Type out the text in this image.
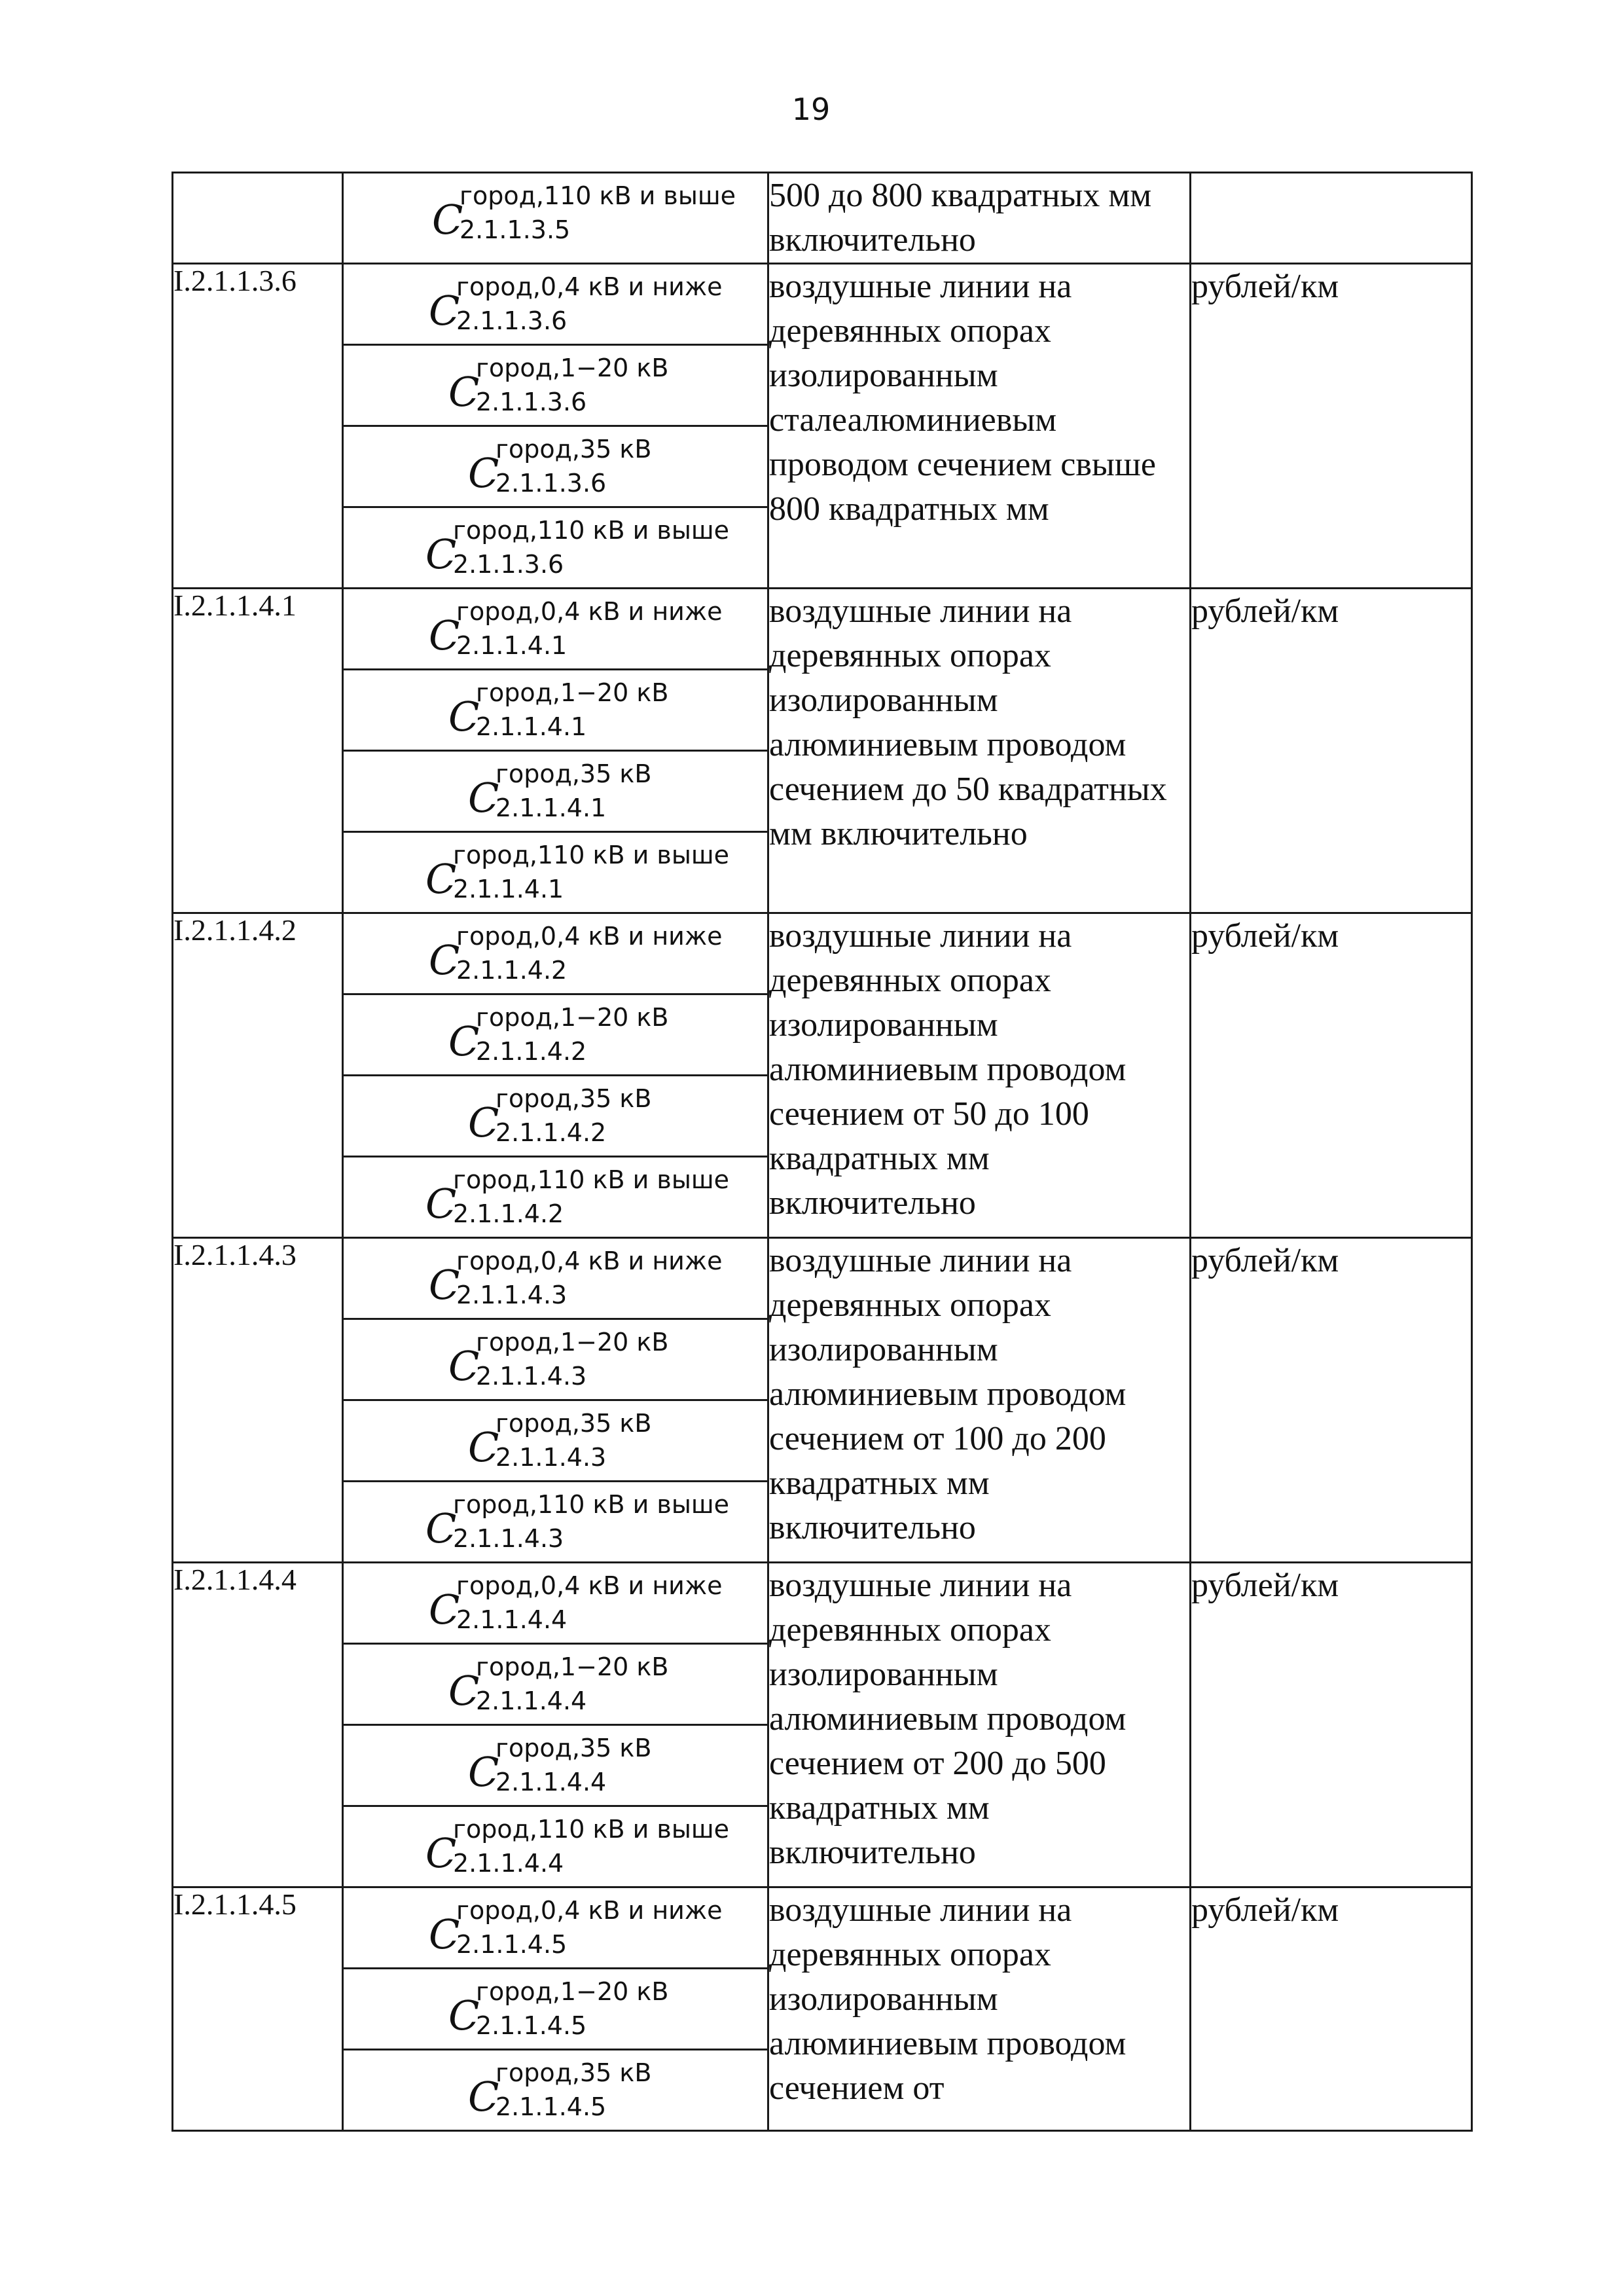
19

	C
город,110 кВ и выше
2.1.1.3.5	500 до 800 квадратных мм включительно	
I.2.1.1.3.6	C
город,0,4 кВ и ниже
2.1.1.3.6	воздушные линии на деревянных опорах изолированным сталеалюминиевым проводом сечением свыше 800 квадратных мм	рублей/км

	C
город,1−20 кВ
2.1.1.3.6		

	C
город,35 кВ
2.1.1.3.6		

	C
город,110 кВ и выше
2.1.1.3.6		

I.2.1.1.4.1	C
город,0,4 кВ и ниже
2.1.1.4.1	воздушные линии на деревянных опорах изолированным алюминиевым проводом сечением до 50 квадратных мм включительно	рублей/км

	C
город,1−20 кВ
2.1.1.4.1		

	C
город,35 кВ
2.1.1.4.1		

	C
город,110 кВ и выше
2.1.1.4.1		

I.2.1.1.4.2	C
город,0,4 кВ и ниже
2.1.1.4.2	воздушные линии на деревянных опорах изолированным алюминиевым проводом сечением от 50 до 100 квадратных мм включительно	рублей/км

	C
город,1−20 кВ
2.1.1.4.2		

	C
город,35 кВ
2.1.1.4.2		

	C
город,110 кВ и выше
2.1.1.4.2		

I.2.1.1.4.3	C
город,0,4 кВ и ниже
2.1.1.4.3	воздушные линии на деревянных опорах изолированным алюминиевым проводом сечением от 100 до 200 квадратных мм включительно	рублей/км

	C
город,1−20 кВ
2.1.1.4.3		

	C
город,35 кВ
2.1.1.4.3		

	C
город,110 кВ и выше
2.1.1.4.3		

I.2.1.1.4.4	C
город,0,4 кВ и ниже
2.1.1.4.4	воздушные линии на деревянных опорах изолированным алюминиевым проводом сечением от 200 до 500 квадратных мм включительно	рублей/км

	C
город,1−20 кВ
2.1.1.4.4		

	C
город,35 кВ
2.1.1.4.4		

	C
город,110 кВ и выше
2.1.1.4.4		

I.2.1.1.4.5	C
город,0,4 кВ и ниже
2.1.1.4.5	воздушные линии на деревянных опорах изолированным алюминиевым проводом сечением от	рублей/км

	C
город,1−20 кВ
2.1.1.4.5		

	C
город,35 кВ
2.1.1.4.5		
